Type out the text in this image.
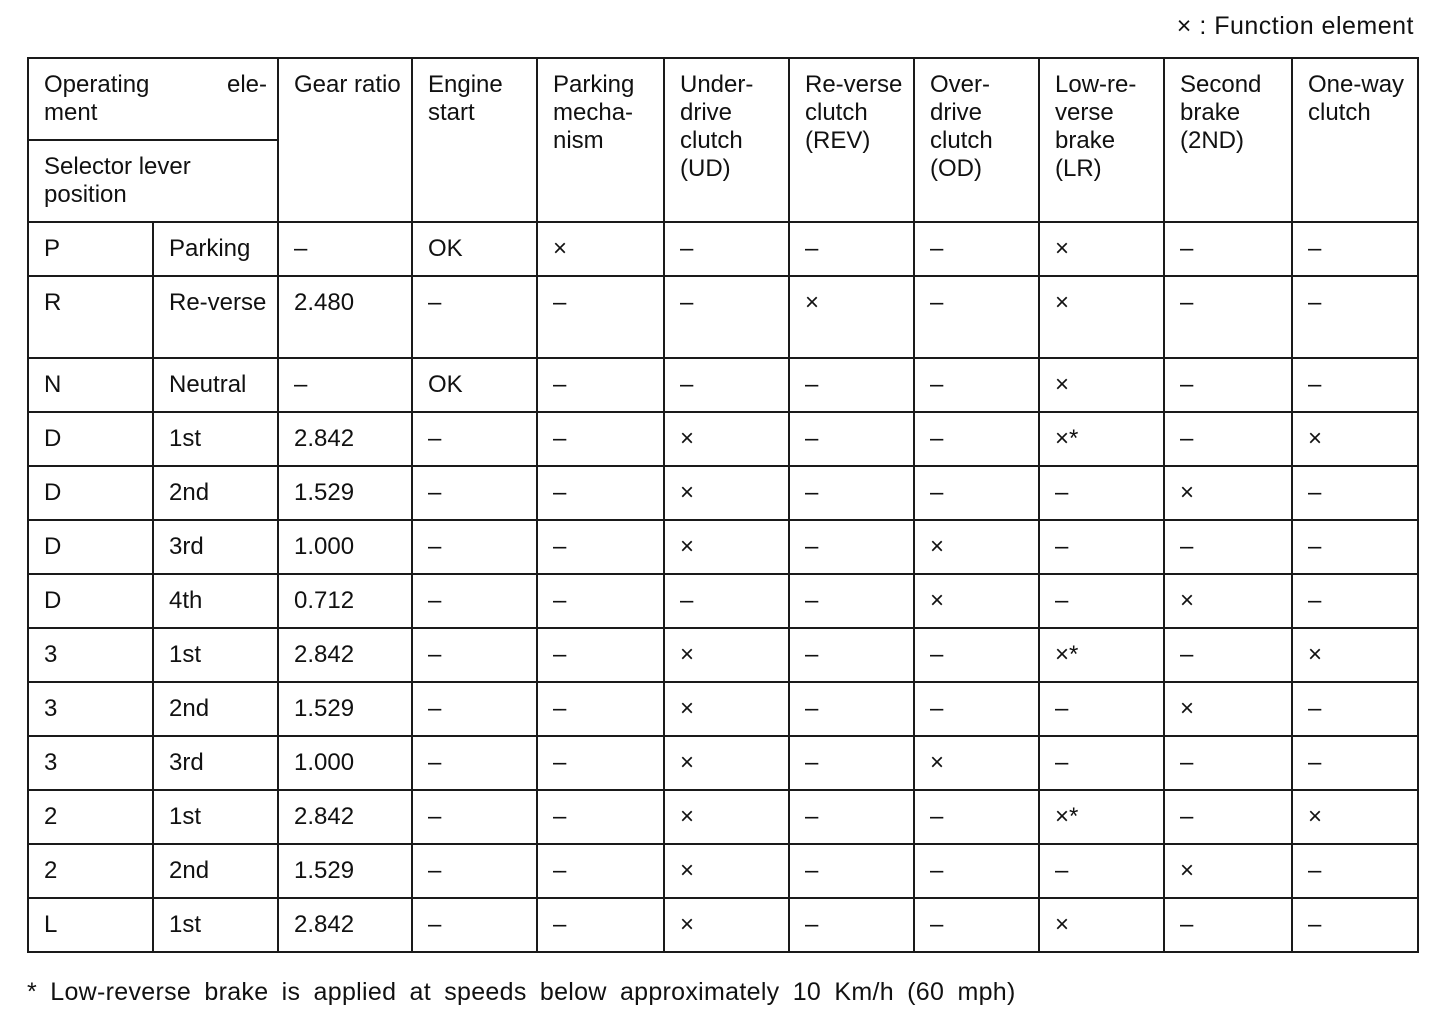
× : Function element
Operating ele-
ment		Gear ratio	Engine start	Parking mecha-nism	Under-drive clutch (UD)	Re-verse clutch (REV)	Over-drive clutch (OD)	Low-re-verse brake (LR)	Second brake (2ND)	One-way clutch
Selector lever position										
P	Parking	–	OK	×	–	–	–	×	–	–
R	Re-verse	2.480	–	–	–	×	–	×	–	–
N	Neutral	–	OK	–	–	–	–	×	–	–
D	1st	2.842	–	–	×	–	–	×*	–	×
D	2nd	1.529	–	–	×	–	–	–	×	–
D	3rd	1.000	–	–	×	–	×	–	–	–
D	4th	0.712	–	–	–	–	×	–	×	–
3	1st	2.842	–	–	×	–	–	×*	–	×
3	2nd	1.529	–	–	×	–	–	–	×	–
3	3rd	1.000	–	–	×	–	×	–	–	–
2	1st	2.842	–	–	×	–	–	×*	–	×
2	2nd	1.529	–	–	×	–	–	–	×	–
L	1st	2.842	–	–	×	–	–	×	–	–
* Low-reverse brake is applied at speeds below approximately 10 Km/h (60 mph)
